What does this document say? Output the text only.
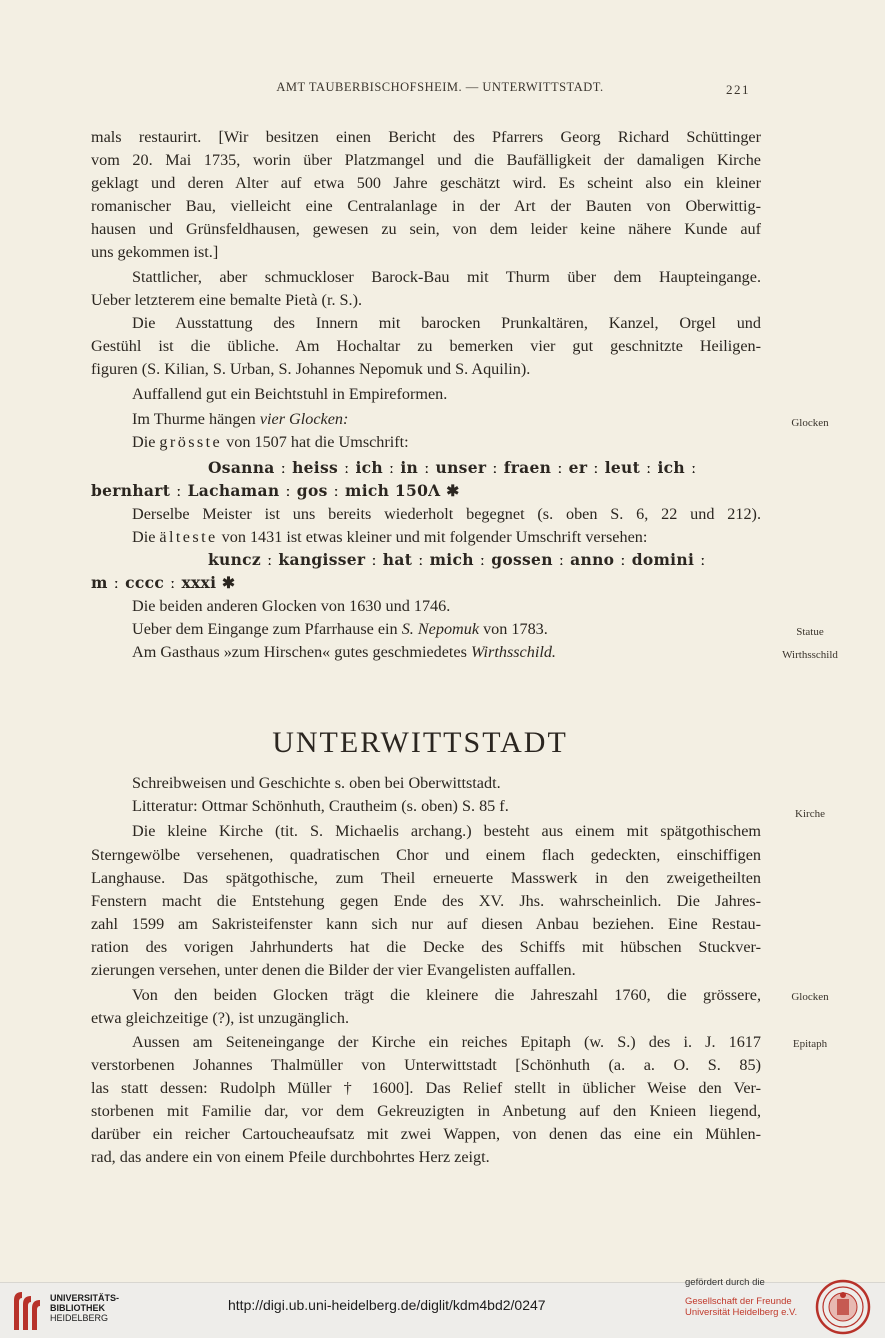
AMT TAUBERBISCHOFSHEIM. — UNTERWITTSTADT.	221
mals restaurirt. [Wir besitzen einen Bericht des Pfarrers Georg Richard Schüttinger
vom 20. Mai 1735, worin über Platzmangel und die Baufälligkeit der damaligen Kirche
geklagt und deren Alter auf etwa 500 Jahre geschätzt wird. Es scheint also ein kleiner
romanischer Bau, vielleicht eine Centralanlage in der Art der Bauten von Oberwittig-
hausen und Grünsfeldhausen, gewesen zu sein, von dem leider keine nähere Kunde auf
uns gekommen ist.]
Stattlicher, aber schmuckloser Barock-Bau mit Thurm über dem Haupteingange.
Ueber letzterem eine bemalte Pietà (r. S.).
Die Ausstattung des Innern mit barocken Prunkaltären, Kanzel, Orgel und
Gestühl ist die übliche. Am Hochaltar zu bemerken vier gut geschnitzte Heiligen-
figuren (S. Kilian, S. Urban, S. Johannes Nepomuk und S. Aquilin).
Auffallend gut ein Beichtstuhl in Empireformen.
Im Thurme hängen vier Glocken:
Die grösste von 1507 hat die Umschrift:
Osanna ː heiss ː ich ː in ː unser ː fraen ː er ː leut ː ich ː
bernhart ː Lachaman ː gos ː mich 150Λ ✱
Derselbe Meister ist uns bereits wiederholt begegnet (s. oben S. 6, 22 und 212).
Die älteste von 1431 ist etwas kleiner und mit folgender Umschrift versehen:
kuncz ː kangisser ː hat ː mich ː gossen ː anno ː domini ː
m ː cccc ː xxxi ✱
Die beiden anderen Glocken von 1630 und 1746.
Ueber dem Eingange zum Pfarrhause ein S. Nepomuk von 1783.
Am Gasthaus »zum Hirschen« gutes geschmiedetes Wirthsschild.
Glocken
Statue
Wirthsschild
UNTERWITTSTADT
Schreibweisen und Geschichte s. oben bei Oberwittstadt.
Litteratur: Ottmar Schönhuth, Crautheim (s. oben) S. 85 f.
Die kleine Kirche (tit. S. Michaelis archang.) besteht aus einem mit spätgothischem
Sterngewölbe versehenen, quadratischen Chor und einem flach gedeckten, einschiffigen
Langhause. Das spätgothische, zum Theil erneuerte Masswerk in den zweigetheilten
Fenstern macht die Entstehung gegen Ende des XV. Jhs. wahrscheinlich. Die Jahres-
zahl 1599 am Sakristeifenster kann sich nur auf diesen Anbau beziehen. Eine Restau-
ration des vorigen Jahrhunderts hat die Decke des Schiffs mit hübschen Stuckver-
zierungen versehen, unter denen die Bilder der vier Evangelisten auffallen.
Von den beiden Glocken trägt die kleinere die Jahreszahl 1760, die grössere,
etwa gleichzeitige (?), ist unzugänglich.
Aussen am Seiteneingange der Kirche ein reiches Epitaph (w. S.) des i. J. 1617
verstorbenen Johannes Thalmüller von Unterwittstadt [Schönhuth (a. a. O. S. 85)
las statt dessen: Rudolph Müller † 1600]. Das Relief stellt in üblicher Weise den Ver-
storbenen mit Familie dar, vor dem Gekreuzigten in Anbetung auf den Knieen liegend,
darüber ein reicher Cartoucheaufsatz mit zwei Wappen, von denen das eine ein Mühlen-
rad, das andere ein von einem Pfeile durchbohrtes Herz zeigt.
Kirche
Glocken
Epitaph
UNIVERSITÄTS-
BIBLIOTHEK
HEIDELBERG
http://digi.ub.uni-heidelberg.de/diglit/kdm4bd2/0247
gefördert durch die
Gesellschaft der Freunde
Universität Heidelberg e.V.
